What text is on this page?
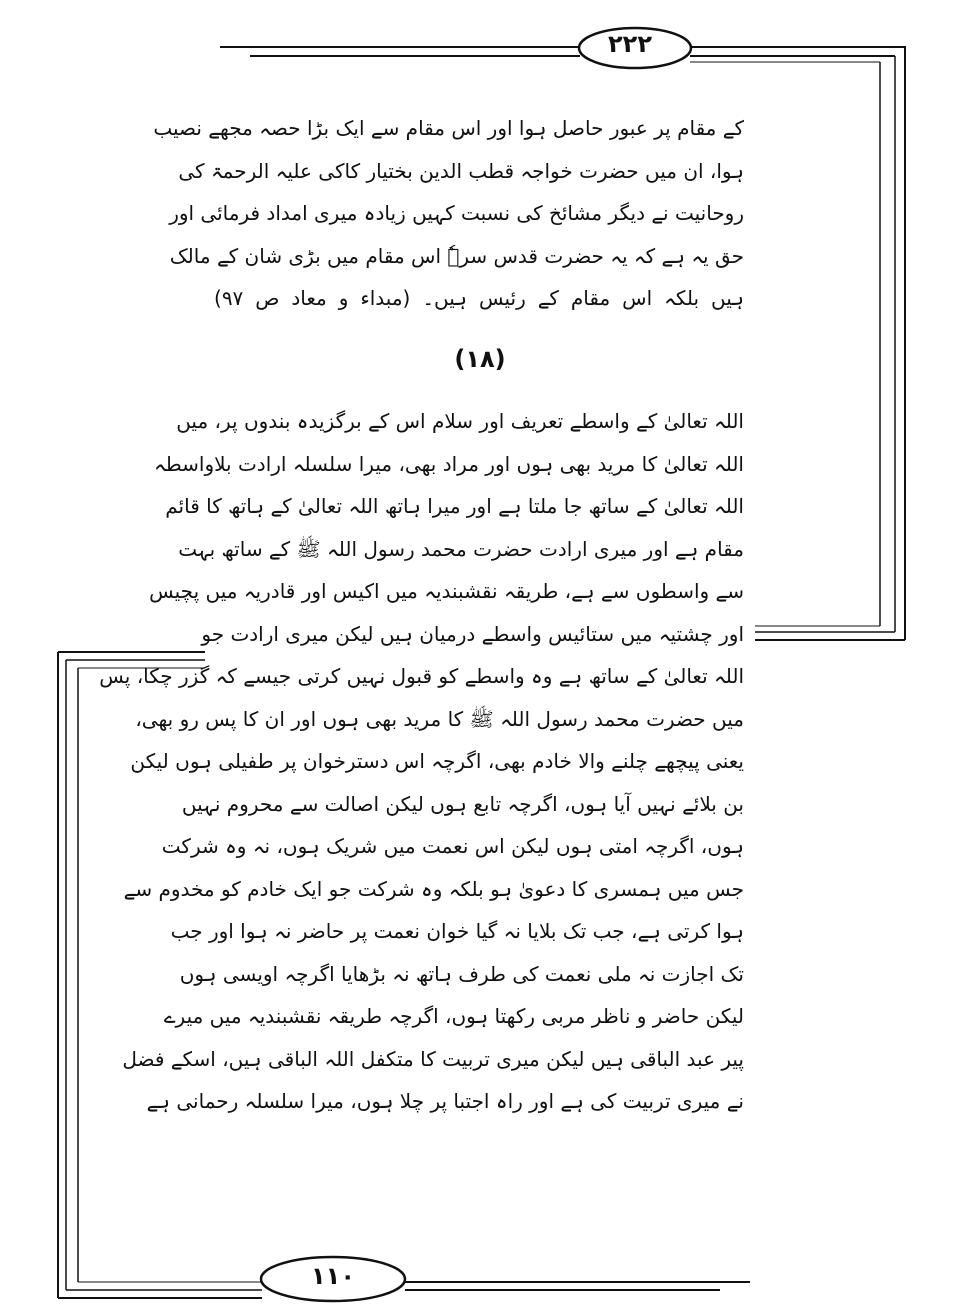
۲۲۲
۱۱۰
کے مقام پر عبور حاصل ہوا اور اس مقام سے ایک بڑا حصہ مجھے نصیب
ہوا، ان میں حضرت خواجہ قطب الدین بختیار کاکی علیہ الرحمۃ کی
روحانیت نے دیگر مشائخ کی نسبت کہیں زیادہ میری امداد فرمائی اور
حق یہ ہے کہ یہ حضرت قدس سرہٗ اس مقام میں بڑی شان کے مالک
ہیں بلکہ اس مقام کے رئیس ہیں۔ (مبداء و معاد ص ۹۷)
(۱۸)
اللہ تعالیٰ کے واسطے تعریف اور سلام اس کے برگزیدہ بندوں پر، میں
اللہ تعالیٰ کا مرید بھی ہوں اور مراد بھی، میرا سلسلہ ارادت بلاواسطہ
اللہ تعالیٰ کے ساتھ جا ملتا ہے اور میرا ہاتھ اللہ تعالیٰ کے ہاتھ کا قائم
مقام ہے اور میری ارادت حضرت محمد رسول اللہ ﷺ کے ساتھ بہت
سے واسطوں سے ہے، طریقہ نقشبندیہ میں اکیس اور قادریہ میں پچیس
اور چشتیہ میں ستائیس واسطے درمیان ہیں لیکن میری ارادت جو
اللہ تعالیٰ کے ساتھ ہے وہ واسطے کو قبول نہیں کرتی جیسے کہ گزر چکا، پس
میں حضرت محمد رسول اللہ ﷺ کا مرید بھی ہوں اور ان کا پس رو بھی،
یعنی پیچھے چلنے والا خادم بھی، اگرچہ اس دسترخوان پر طفیلی ہوں لیکن
بن بلائے نہیں آیا ہوں، اگرچہ تابع ہوں لیکن اصالت سے محروم نہیں
ہوں، اگرچہ امتی ہوں لیکن اس نعمت میں شریک ہوں، نہ وہ شرکت
جس میں ہمسری کا دعویٰ ہو بلکہ وہ شرکت جو ایک خادم کو مخدوم سے
ہوا کرتی ہے، جب تک بلایا نہ گیا خوان نعمت پر حاضر نہ ہوا اور جب
تک اجازت نہ ملی نعمت کی طرف ہاتھ نہ بڑھایا اگرچہ اویسی ہوں
لیکن حاضر و ناظر مربی رکھتا ہوں، اگرچہ طریقہ نقشبندیہ میں میرے
پیر عبد الباقی ہیں لیکن میری تربیت کا متکفل اللہ الباقی ہیں، اسکے فضل
نے میری تربیت کی ہے اور راہ اجتبا پر چلا ہوں، میرا سلسلہ رحمانی ہے
